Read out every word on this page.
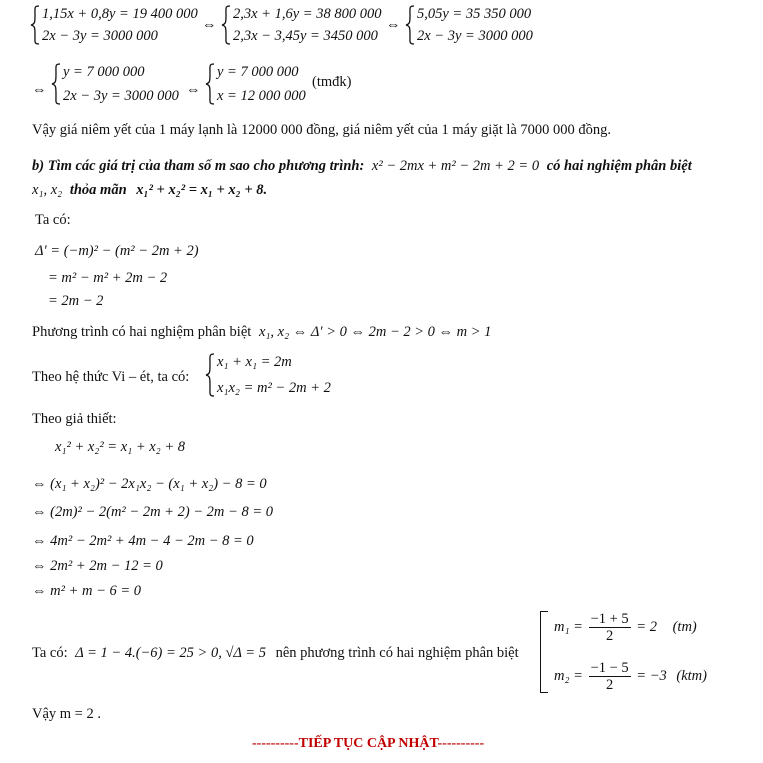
1,15x + 0,8y = 19 400 000
2x − 3y = 3000 000
⇔
2,3x + 1,6y = 38 800 000
2,3x − 3,45y = 3450 000
⇔
5,05y = 35 350 000
2x − 3y = 3000 000
⇔
y = 7 000 000
2x − 3y = 3000 000 ⇔
y = 7 000 000
x = 12 000 000
(tmđk)
Vậy giá niêm yết của 1 máy lạnh là 12000 000 đồng, giá niêm yết của 1 máy giặt là 7000 000 đồng.
b) Tìm các giá trị của tham số m sao cho phương trình: x² − 2mx + m² − 2m + 2 = 0 có hai nghiệm phân biệt
x₁, x₂ thỏa mãn x₁² + x₂² = x₁ + x₂ + 8.
Ta có:
Δ′ = (−m)² − (m² − 2m + 2)
= m² − m² + 2m − 2
= 2m − 2
Phương trình có hai nghiệm phân biệt x₁, x₂ ⇔ Δ′ > 0 ⇔ 2m − 2 > 0 ⇔ m > 1
Theo hệ thức Vi – ét, ta có:
x₁ + x₁ = 2m
x₁x₂ = m² − 2m + 2
Theo giả thiết:
x₁² + x₂² = x₁ + x₂ + 8
⇔ (x₁ + x₂)² − 2x₁x₂ − (x₁ + x₂) − 8 = 0
⇔ (2m)² − 2(m² − 2m + 2) − 2m − 8 = 0
⇔ 4m² − 2m² + 4m − 4 − 2m − 8 = 0
⇔ 2m² + 2m − 12 = 0
⇔ m² + m − 6 = 0
Ta có: Δ = 1 − 4.(−6) = 25 > 0, √Δ = 5 nên phương trình có hai nghiệm phân biệt
$m_1 = \frac{-1 + 5}{2} = 2$ (tm)
$m_2 = \frac{-1 - 5}{2} = -3$ (ktm)
Vậy m = 2 .
----------TIẾP TỤC CẬP NHẬT----------
